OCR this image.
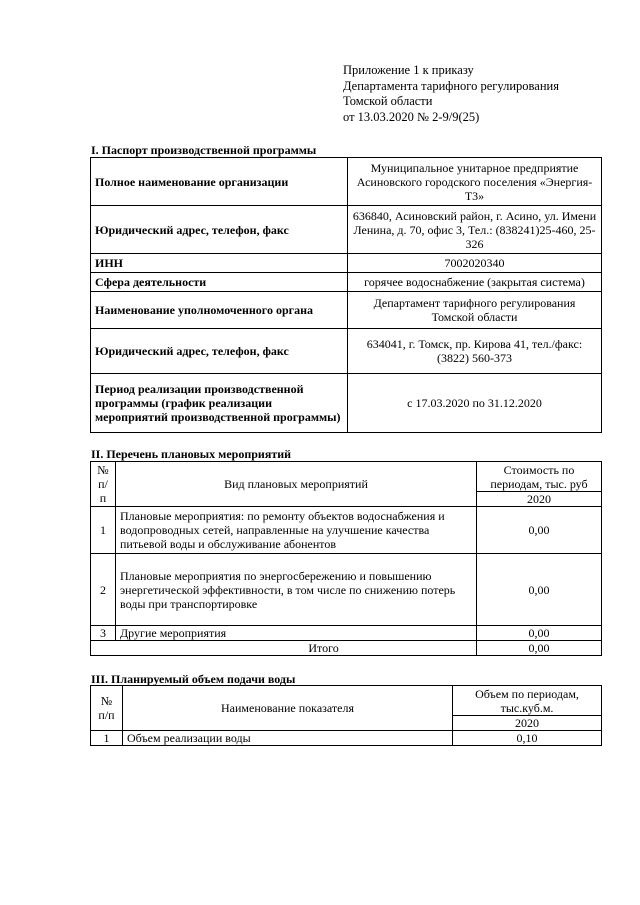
Приложение 1 к приказу
Департамента тарифного регулирования
Томской области
от 13.03.2020 № 2-9/9(25)
I. Паспорт производственной программы
Полное наименование организации	Муниципальное унитарное предприятие Асиновского городского поселения «Энергия-Т3»
Юридический адрес, телефон, факс	636840, Асиновский район, г. Асино, ул. Имени Ленина, д. 70, офис 3, Тел.: (838241)25-460, 25-326
ИНН	7002020340
Сфера деятельности	горячее водоснабжение (закрытая система)
Наименование уполномоченного органа	Департамент тарифного регулирования Томской области
Юридический адрес, телефон, факс	634041, г. Томск, пр. Кирова 41, тел./факс: (3822) 560-373
Период реализации производственной программы (график реализации мероприятий производственной программы)	с 17.03.2020 по 31.12.2020
II. Перечень плановых мероприятий
№ п/п	Вид плановых мероприятий	Стоимость по периодам, тыс. руб
		2020
1	Плановые мероприятия: по ремонту объектов водоснабжения и водопроводных сетей, направленные на улучшение качества питьевой воды и обслуживание абонентов	0,00
2	Плановые мероприятия по энергосбережению и повышению энергетической эффективности, в том числе по снижению потерь воды при транспортировке	0,00
3	Другие мероприятия	0,00
Итого		0,00
III. Планируемый объем подачи воды
№ п/п	Наименование показателя	Объем по периодам, тыс.куб.м.
		2020
1	Объем реализации воды	0,10
